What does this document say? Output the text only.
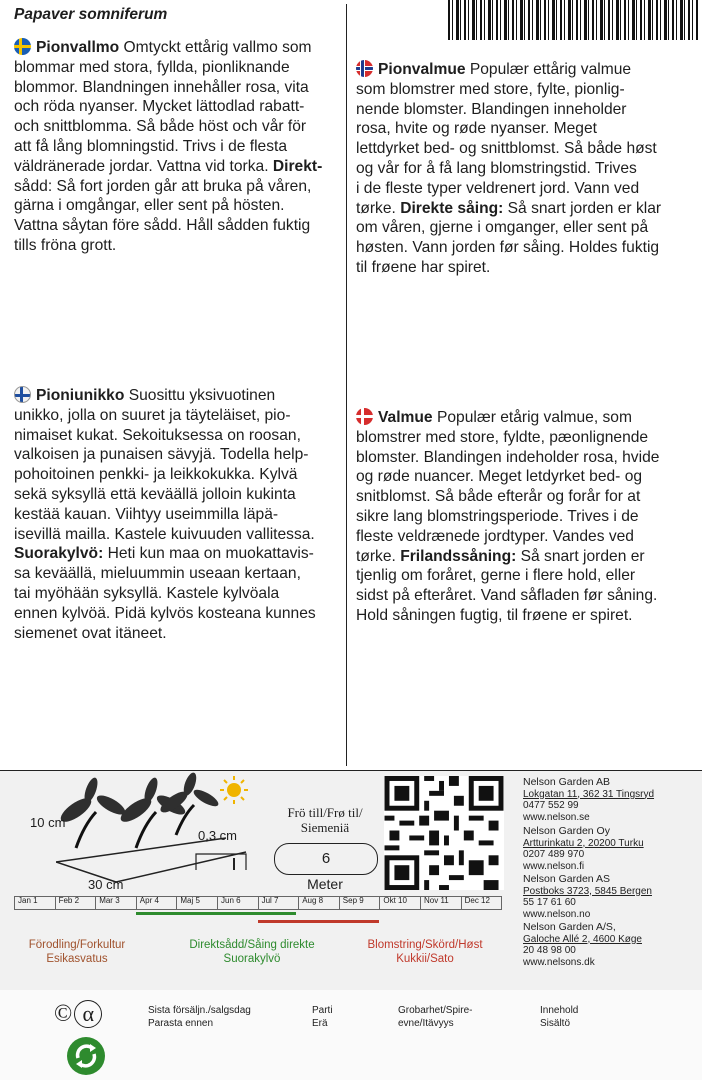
Papaver somniferum
Pionvallmo Omtyckt ettårig vallmo som
blommar med stora, fyllda, pionliknande
blommor. Blandningen innehåller rosa, vita
och röda nyanser. Mycket lättodlad rabatt-
och snittblomma. Så både höst och vår för
att få lång blomningstid. Trivs i de flesta
väldränerade jordar. Vattna vid torka. Direkt-
sådd: Så fort jorden går att bruka på våren,
gärna i omgångar, eller sent på hösten.
Vattna såytan före sådd. Håll sådden fuktig
tills fröna grott.
Pionvalmue Populær ettårig valmue
som blomstrer med store, fylte, pionlig-
nende blomster. Blandingen inneholder
rosa, hvite og røde nyanser. Meget
lettdyrket bed- og snittblomst. Så både høst
og vår for å få lang blomstringstid. Trives
i de fleste typer veldrenert jord. Vann ved
tørke. Direkte såing: Så snart jorden er klar
om våren, gjerne i omganger, eller sent på
høsten. Vann jorden før såing. Holdes fuktig
til frøene har spiret.
Pioniunikko Suosittu yksivuotinen
unikko, jolla on suuret ja täyteläiset, pio-
nimaiset kukat. Sekoituksessa on roosan,
valkoisen ja punaisen sävyjä. Todella help-
pohoitoinen penkki- ja leikkokukka. Kylvä
sekä syksyllä että keväällä jolloin kukinta
kestää kauan. Viihtyy useimmilla läpä-
isevillä mailla. Kastele kuivuuden vallitessa.
Suorakylvö: Heti kun maa on muokattavis-
sa keväällä, mieluummin useaan kertaan,
tai myöhään syksyllä. Kastele kylvöala
ennen kylvöä. Pidä kylvös kosteana kunnes
siemenet ovat itäneet.
Valmue Populær etårig valmue, som
blomstrer med store, fyldte, pæonlignende
blomster. Blandingen indeholder rosa, hvide
og røde nuancer. Meget letdyrket bed- og
snitblomst. Så både efterår og forår for at
sikre lang blomstringsperiode. Trives i de
fleste veldrænede jordtyper. Vandes ved
tørke. Frilandssåning: Så snart jorden er
tjenlig om foråret, gerne i flere hold, eller
sidst på efteråret. Vand såfladen før såning.
Hold såningen fugtig, til frøene er spiret.
10 cm
0,3 cm
30 cm
Frö till/Frø til/
Siemeniä
6
Meter
Nelson Garden AB
Lokgatan 11, 362 31 Tingsryd
0477 552 99
www.nelson.se
Nelson Garden Oy
Artturinkatu 2, 20200 Turku
0207 489 970
www.nelson.fi
Nelson Garden AS
Postboks 3723, 5845 Bergen
55 17 61 60
www.nelson.no
Nelson Garden A/S,
Galoche Allé 2, 4600 Køge
20 48 98 00
www.nelsons.dk
Jan 1	Feb 2	Mar 3	Apr 4	Maj 5	Jun 6	Jul 7	Aug 8	Sep 9	Okt 10	Nov 11	Dec 12
Förodling/Forkultur
Esikasvatus
Direktsådd/Såing direkte
Suorakylvö
Blomstring/Skörd/Høst
Kukkii/Sato
© α	Sista försäljn./salgsdag
Parasta ennen
Parti
Erä
Grobarhet/Spire-
evne/Itävyys
Innehold
Sisältö
